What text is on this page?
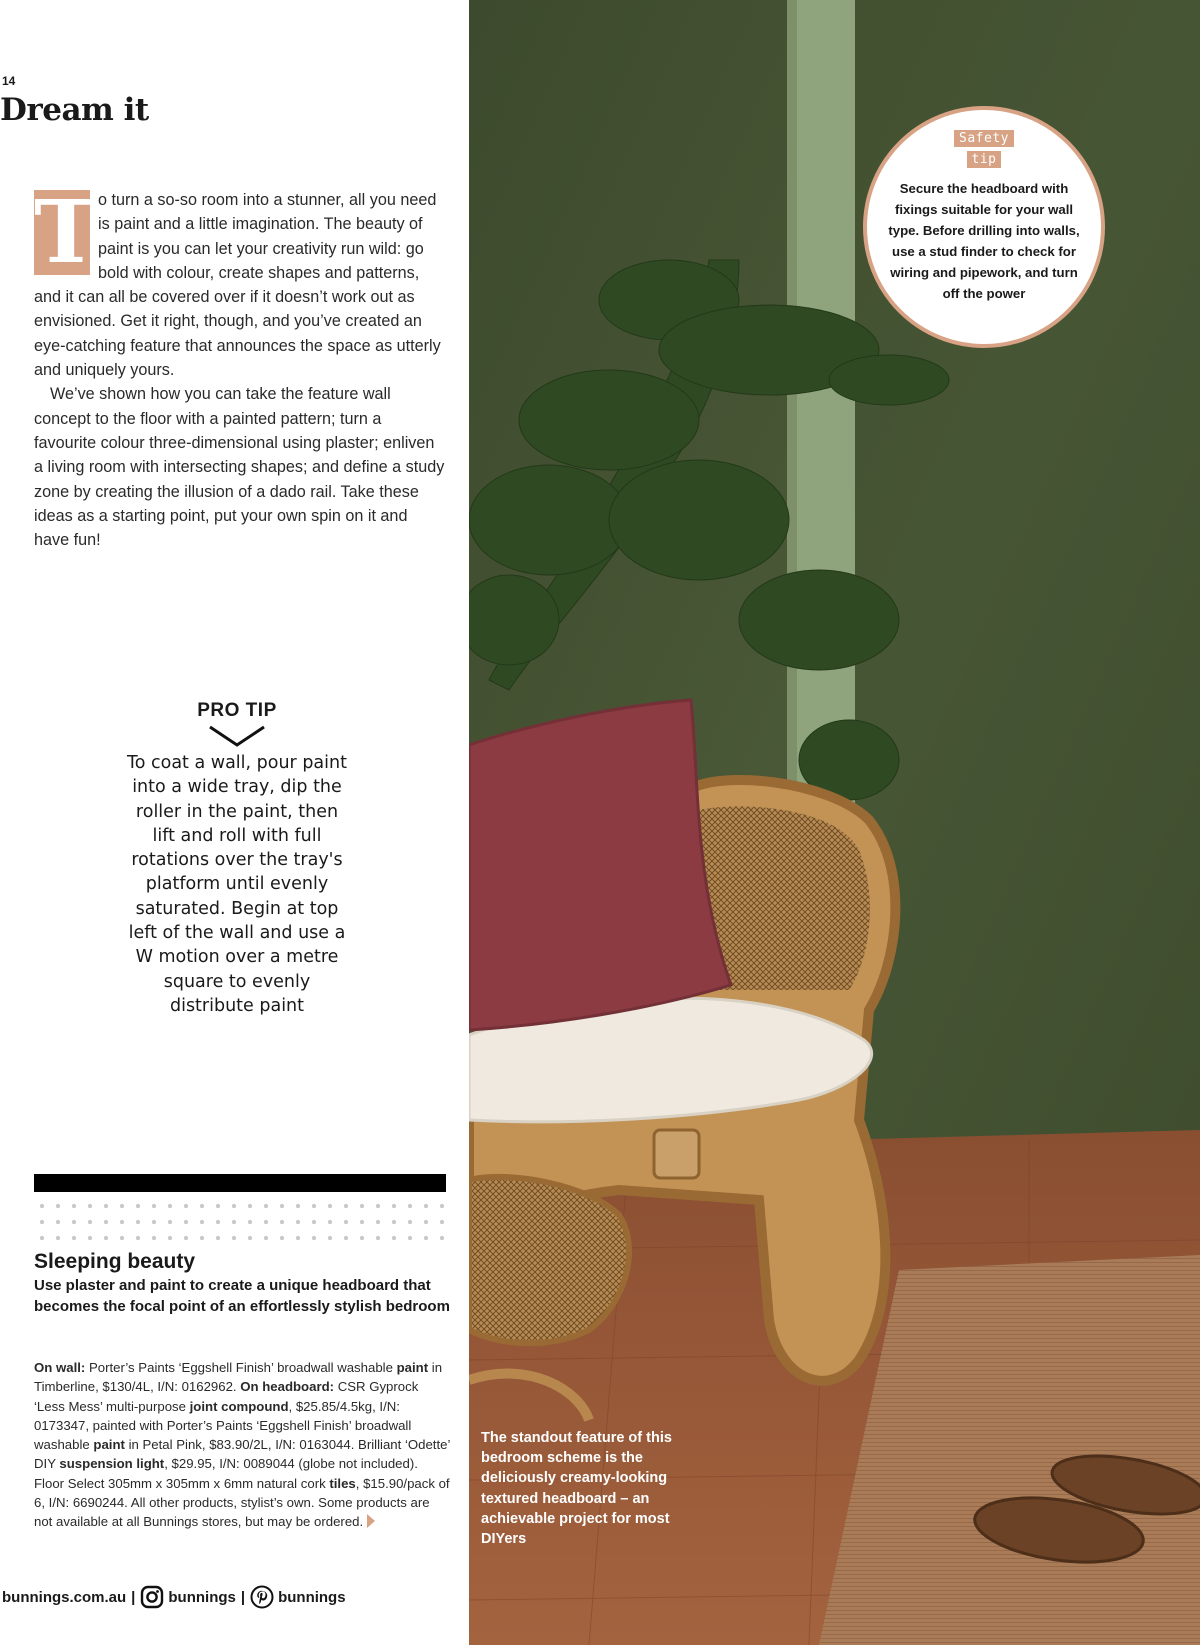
14
Dream it

T o turn a so-so room into a stunner, all you need is paint and a little imagination. The beauty of paint is you can let your creativity run wild: go bold with colour, create shapes and patterns, and it can all be covered over if it doesn’t work out as envisioned. Get it right, though, and you’ve created an eye-catching feature that announces the space as utterly and uniquely yours.

We’ve shown how you can take the feature wall concept to the floor with a painted pattern; turn a favourite colour three-dimensional using plaster; enliven a living room with intersecting shapes; and define a study zone by creating the illusion of a dado rail. Take these ideas as a starting point, put your own spin on it and have fun!

PRO TIP
To coat a wall, pour paint into a wide tray, dip the roller in the paint, then lift and roll with full rotations over the tray's platform until evenly saturated. Begin at top left of the wall and use a W motion over a metre square to evenly distribute paint
Sleeping beauty
Use plaster and paint to create a unique headboard that becomes the focal point of an effortlessly stylish bedroom
On wall: Porter’s Paints ‘Eggshell Finish’ broadwall washable paint in Timberline, $130/4L, I/N: 0162962. On headboard: CSR Gyprock ‘Less Mess’ multi-purpose joint compound, $25.85/4.5kg, I/N: 0173347, painted with Porter’s Paints ‘Eggshell Finish’ broadwall washable paint in Petal Pink, $83.90/2L, I/N: 0163044. Brilliant ‘Odette’ DIY suspension light, $29.95, I/N: 0089044 (globe not included). Floor Select 305mm x 305mm x 6mm natural cork tiles, $15.90/pack of 6, I/N: 6690244. All other products, stylist’s own. Some products are not available at all Bunnings stores, but may be ordered.
bunnings.com.au | bunnings | bunnings
Safety
tip
Secure the headboard with fixings suitable for your wall type. Before drilling into walls, use a stud finder to check for wiring and pipework, and turn off the power
The standout feature of this bedroom scheme is the deliciously creamy-looking textured headboard – an achievable project for most DIYers
